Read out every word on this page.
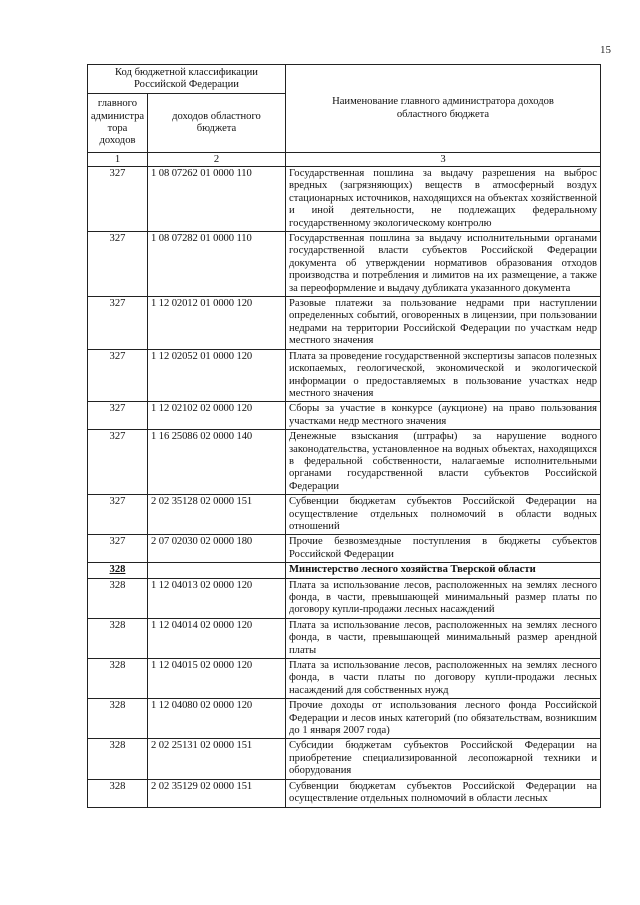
15
Код бюджетной классификации Российской Федерации		Наименование главного администратора доходов областного бюджета
главного администра тора доходов	доходов областного бюджета	
1	2	3
327	1 08 07262 01 0000 110	Государственная пошлина за выдачу разрешения на выброс вредных (загрязняющих) веществ в атмосферный воздух стационарных источников, находящихся на объектах хозяйственной и иной деятельности, не подлежащих федеральному государственному экологическому контролю
327	1 08 07282 01 0000 110	Государственная пошлина за выдачу исполнительными органами государственной власти субъектов Российской Федерации документа об утверждении нормативов образования отходов производства и потребления и лимитов на их размещение, а также за переоформление и выдачу дубликата указанного документа
327	1 12 02012 01 0000 120	Разовые платежи за пользование недрами при наступлении определенных событий, оговоренных в лицензии, при пользовании недрами на территории Российской Федерации по участкам недр местного значения
327	1 12 02052 01 0000 120	Плата за проведение государственной экспертизы запасов полезных ископаемых, геологической, экономической и экологической информации о предоставляемых в пользование участках недр местного значения
327	1 12 02102 02 0000 120	Сборы за участие в конкурсе (аукционе) на право пользования участками недр местного значения
327	1 16 25086 02 0000 140	Денежные взыскания (штрафы) за нарушение водного законодательства, установленное на водных объектах, находящихся в федеральной собственности, налагаемые исполнительными органами государственной власти субъектов Российской Федерации
327	2 02 35128 02 0000 151	Субвенции бюджетам субъектов Российской Федерации на осуществление отдельных полномочий в области водных отношений
327	2 07 02030 02 0000 180	Прочие безвозмездные поступления в бюджеты субъектов Российской Федерации
328		Министерство лесного хозяйства Тверской области
328	1 12 04013 02 0000 120	Плата за использование лесов, расположенных на землях лесного фонда, в части, превышающей минимальный размер платы по договору купли-продажи лесных насаждений
328	1 12 04014 02 0000 120	Плата за использование лесов, расположенных на землях лесного фонда, в части, превышающей минимальный размер арендной платы
328	1 12 04015 02 0000 120	Плата за использование лесов, расположенных на землях лесного фонда, в части платы по договору купли-продажи лесных насаждений для собственных нужд
328	1 12 04080 02 0000 120	Прочие доходы от использования лесного фонда Российской Федерации и лесов иных категорий (по обязательствам, возникшим до 1 января 2007 года)
328	2 02 25131 02 0000 151	Субсидии бюджетам субъектов Российской Федерации на приобретение специализированной лесопожарной техники и оборудования
328	2 02 35129 02 0000 151	Субвенции бюджетам субъектов Российской Федерации на осуществление отдельных полномочий в области лесных
